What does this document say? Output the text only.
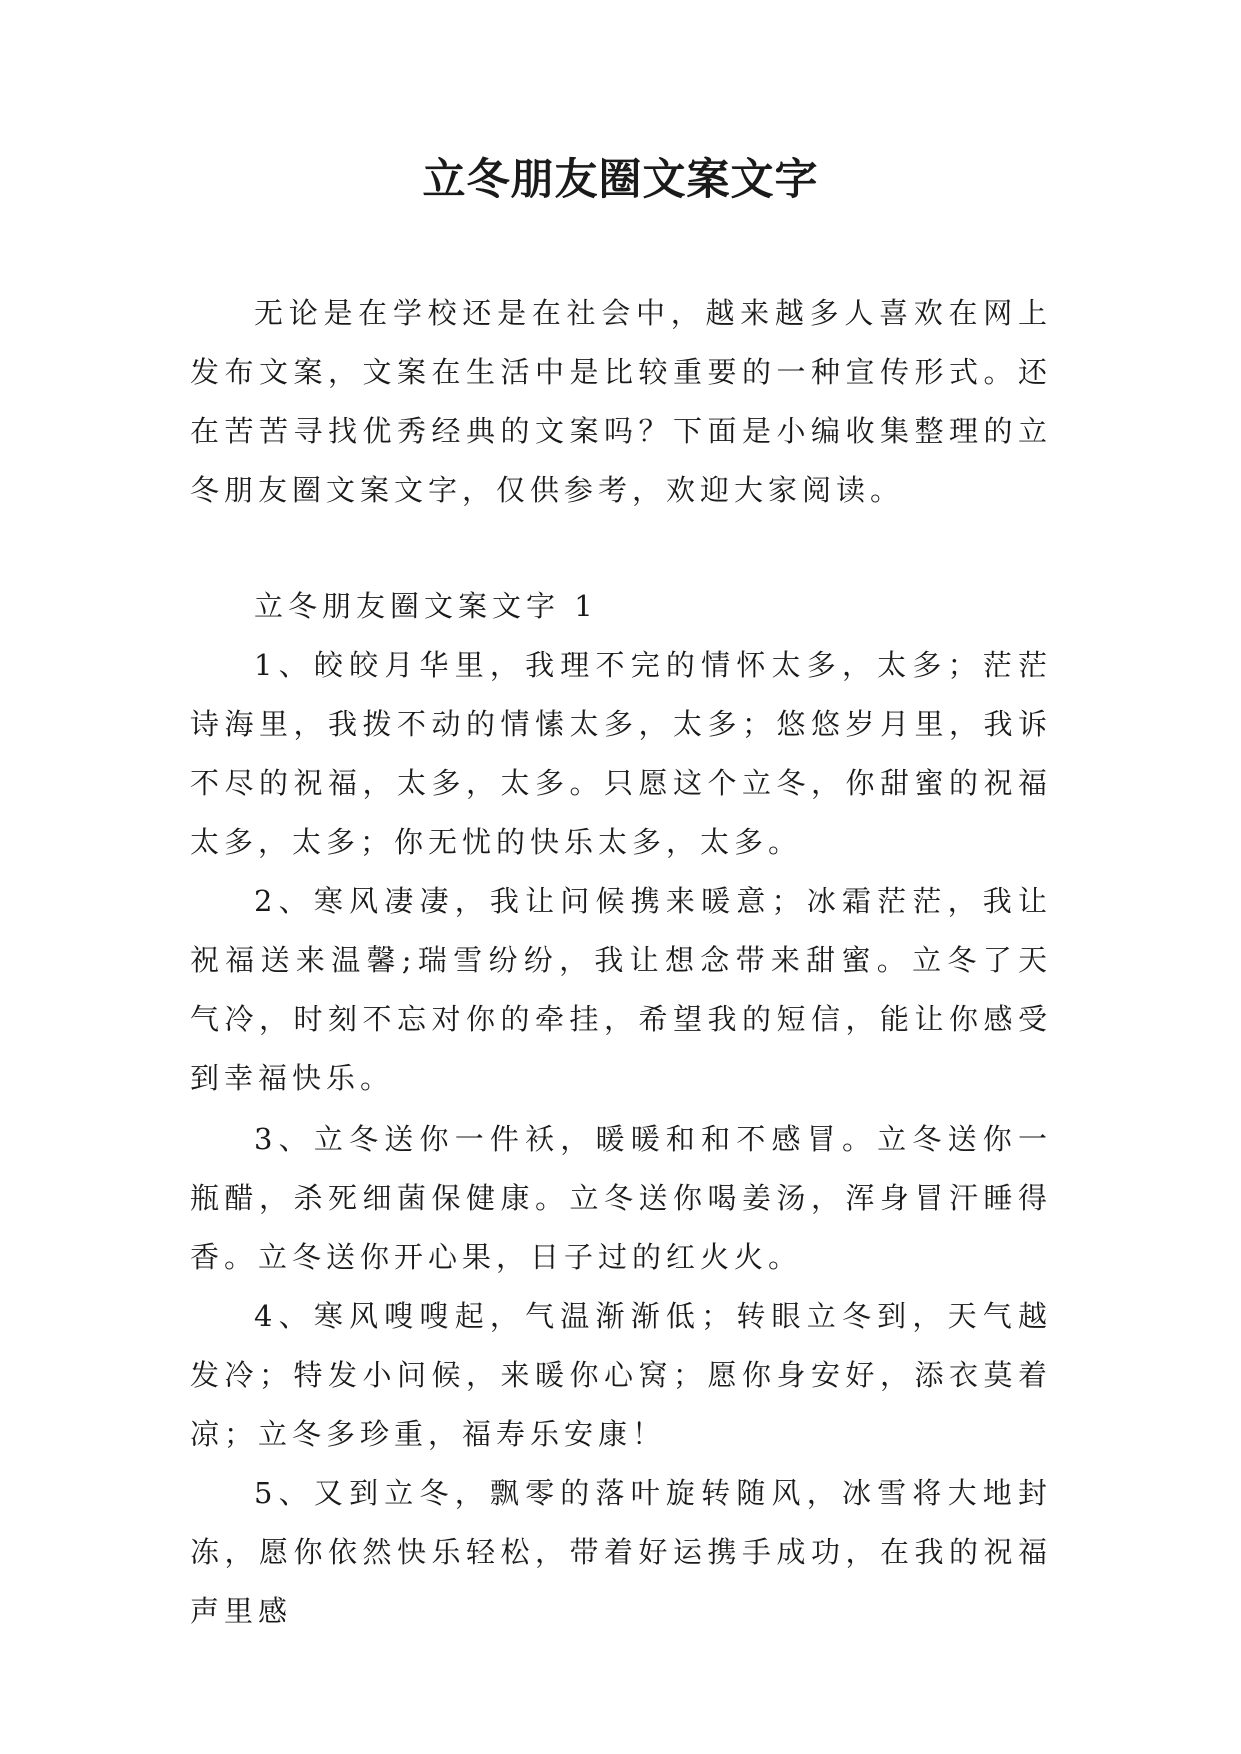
立冬朋友圈文案文字

无论是在学校还是在社会中，越来越多人喜欢在网上发布文案，文案在生活中是比较重要的一种宣传形式。还在苦苦寻找优秀经典的文案吗？下面是小编收集整理的立冬朋友圈文案文字，仅供参考，欢迎大家阅读。

立冬朋友圈文案文字 1

1、皎皎月华里，我理不完的情怀太多，太多；茫茫诗海里，我拨不动的情愫太多，太多；悠悠岁月里，我诉不尽的祝福，太多，太多。只愿这个立冬，你甜蜜的祝福太多，太多；你无忧的快乐太多，太多。

2、寒风凄凄，我让问候携来暖意；冰霜茫茫，我让祝福送来温馨;瑞雪纷纷，我让想念带来甜蜜。立冬了天气冷，时刻不忘对你的牵挂，希望我的短信，能让你感受到幸福快乐。

3、立冬送你一件袄，暖暖和和不感冒。立冬送你一瓶醋，杀死细菌保健康。立冬送你喝姜汤，浑身冒汗睡得香。立冬送你开心果，日子过的红火火。

4、寒风嗖嗖起，气温渐渐低；转眼立冬到，天气越发冷；特发小问候，来暖你心窝；愿你身安好，添衣莫着凉；立冬多珍重，福寿乐安康！

5、又到立冬，飘零的落叶旋转随风，冰雪将大地封冻，愿你依然快乐轻松，带着好运携手成功，在我的祝福声里感
